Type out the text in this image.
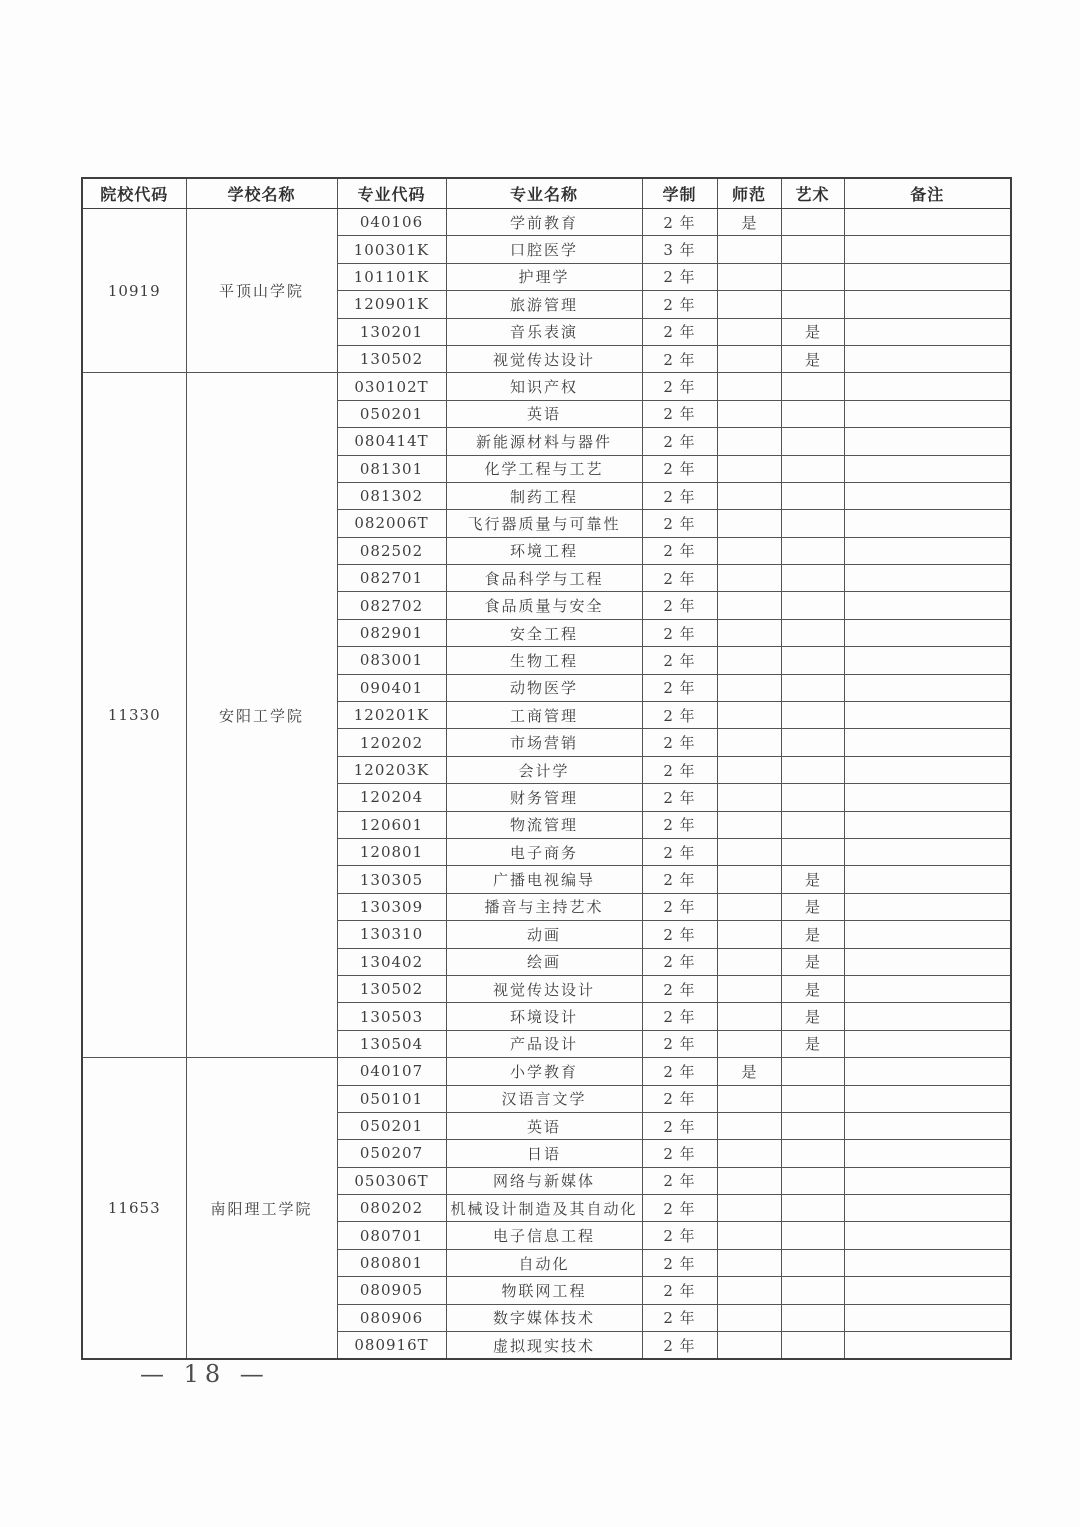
院校代码	学校名称	专业代码	专业名称	学制	师范	艺术	备注
10919	平顶山学院	040106	学前教育	2 年	是		
		100301K	口腔医学	3 年			
		101101K	护理学	2 年			
		120901K	旅游管理	2 年			
		130201	音乐表演	2 年		是	
		130502	视觉传达设计	2 年		是	
11330	安阳工学院	030102T	知识产权	2 年			
		050201	英语	2 年			
		080414T	新能源材料与器件	2 年			
		081301	化学工程与工艺	2 年			
		081302	制药工程	2 年			
		082006T	飞行器质量与可靠性	2 年			
		082502	环境工程	2 年			
		082701	食品科学与工程	2 年			
		082702	食品质量与安全	2 年			
		082901	安全工程	2 年			
		083001	生物工程	2 年			
		090401	动物医学	2 年			
		120201K	工商管理	2 年			
		120202	市场营销	2 年			
		120203K	会计学	2 年			
		120204	财务管理	2 年			
		120601	物流管理	2 年			
		120801	电子商务	2 年			
		130305	广播电视编导	2 年		是	
		130309	播音与主持艺术	2 年		是	
		130310	动画	2 年		是	
		130402	绘画	2 年		是	
		130502	视觉传达设计	2 年		是	
		130503	环境设计	2 年		是	
		130504	产品设计	2 年		是	
11653	南阳理工学院	040107	小学教育	2 年	是		
		050101	汉语言文学	2 年			
		050201	英语	2 年			
		050207	日语	2 年			
		050306T	网络与新媒体	2 年			
		080202	机械设计制造及其自动化	2 年			
		080701	电子信息工程	2 年			
		080801	自动化	2 年			
		080905	物联网工程	2 年			
		080906	数字媒体技术	2 年			
		080916T	虚拟现实技术	2 年			
— 18 —
